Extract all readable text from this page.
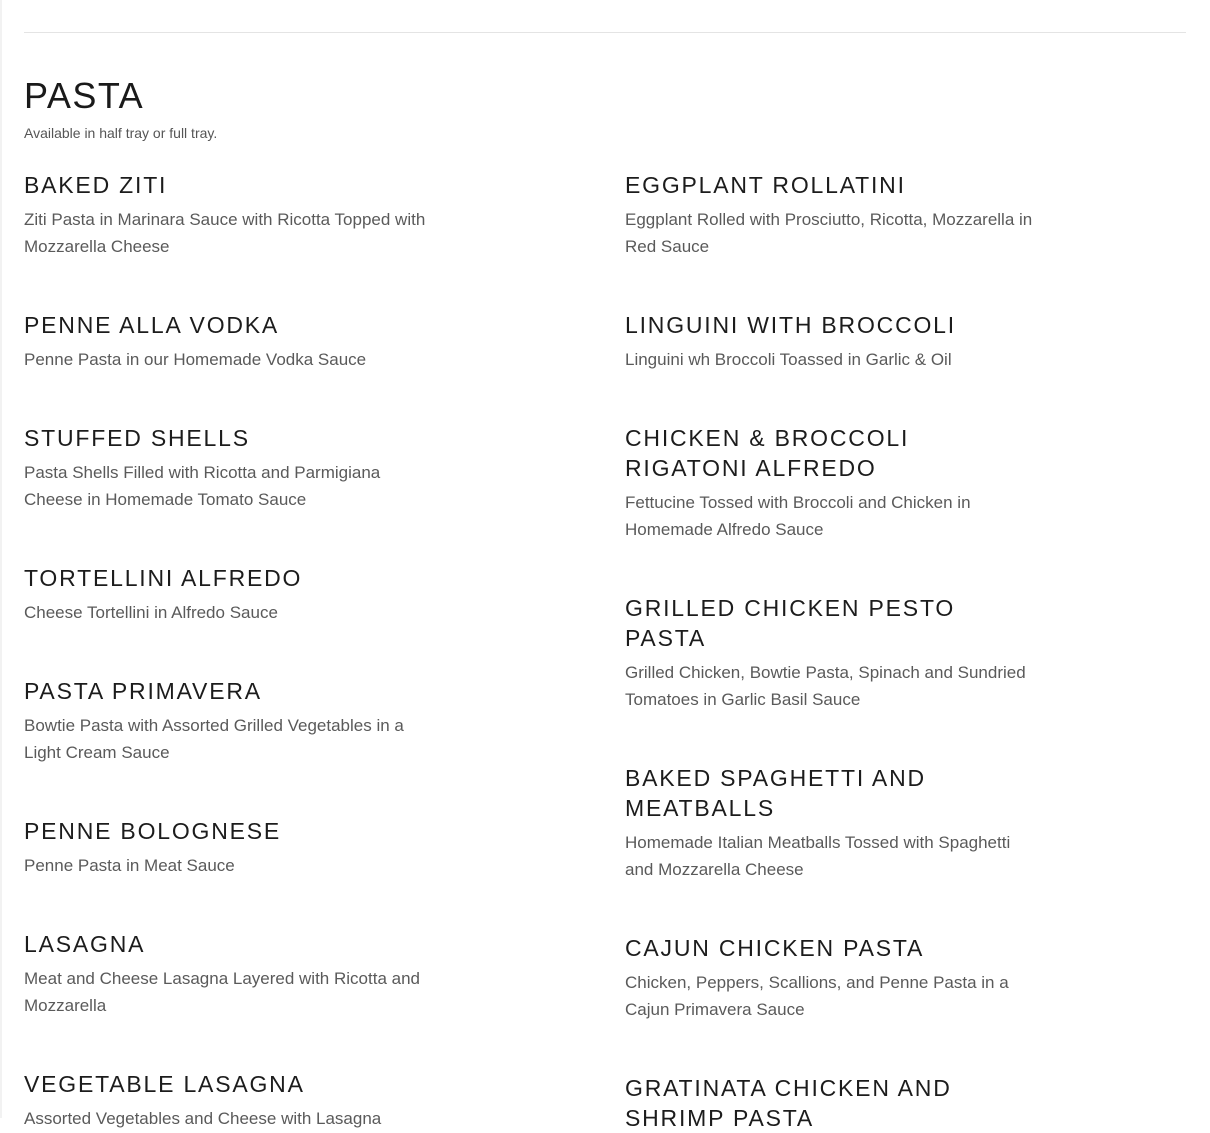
PASTA

Available in half tray or full tray.

BAKED ZITI

Ziti Pasta in Marinara Sauce with Ricotta Topped with Mozzarella Cheese

PENNE ALLA VODKA

Penne Pasta in our Homemade Vodka Sauce

STUFFED SHELLS

Pasta Shells Filled with Ricotta and Parmigiana Cheese in Homemade Tomato Sauce

TORTELLINI ALFREDO

Cheese Tortellini in Alfredo Sauce

PASTA PRIMAVERA

Bowtie Pasta with Assorted Grilled Vegetables in a Light Cream Sauce

PENNE BOLOGNESE

Penne Pasta in Meat Sauce

LASAGNA

Meat and Cheese Lasagna Layered with Ricotta and Mozzarella

VEGETABLE LASAGNA

Assorted Vegetables and Cheese with Lasagna

EGGPLANT ROLLATINI

Eggplant Rolled with Prosciutto, Ricotta, Mozzarella in Red Sauce

LINGUINI WITH BROCCOLI

Linguini wh Broccoli Toassed in Garlic & Oil

CHICKEN & BROCCOLI RIGATONI ALFREDO

Fettucine Tossed with Broccoli and Chicken in Homemade Alfredo Sauce

GRILLED CHICKEN PESTO PASTA

Grilled Chicken, Bowtie Pasta, Spinach and Sundried Tomatoes in Garlic Basil Sauce

BAKED SPAGHETTI AND MEATBALLS

Homemade Italian Meatballs Tossed with Spaghetti and Mozzarella Cheese

CAJUN CHICKEN PASTA

Chicken, Peppers, Scallions, and Penne Pasta in a Cajun Primavera Sauce

GRATINATA CHICKEN AND SHRIMP PASTA
